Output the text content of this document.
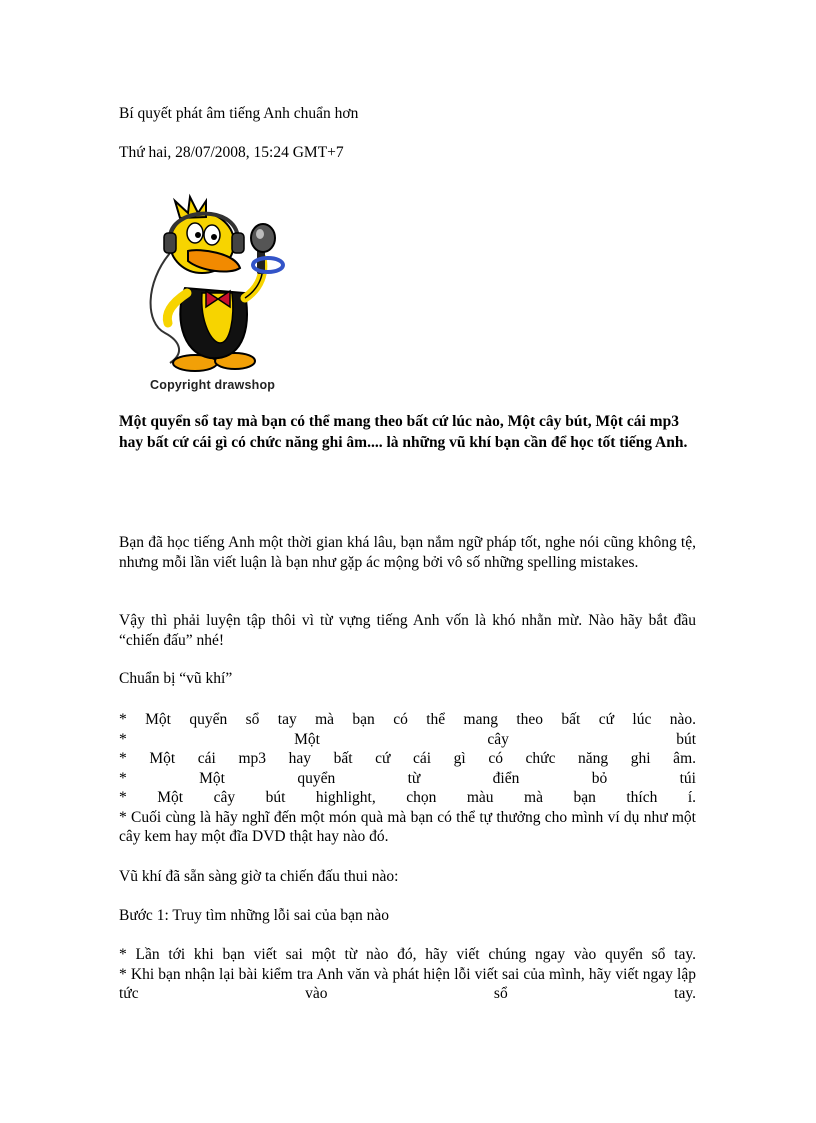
Bí quyết phát âm tiếng Anh chuẩn hơn

Thứ hai, 28/07/2008, 15:24 GMT+7

Copyright drawshop

Một quyển sổ tay mà bạn có thể mang theo bất cứ lúc nào, Một cây bút, Một cái mp3 hay bất cứ cái gì có chức năng ghi âm.... là những vũ khí bạn cần để học tốt tiếng Anh.

Bạn đã học tiếng Anh một thời gian khá lâu, bạn nắm ngữ pháp tốt, nghe nói cũng không tệ, nhưng mỗi lần viết luận là bạn như gặp ác mộng bởi vô số những spelling mistakes.

Vậy thì phải luyện tập thôi vì từ vựng tiếng Anh vốn là khó nhằn mừ. Nào hãy bắt đầu “chiến đấu” nhé!

Chuẩn bị “vũ khí”

* Một quyển sổ tay mà bạn có thể mang theo bất cứ lúc nào.
* Một cây bút
* Một cái mp3 hay bất cứ cái gì có chức năng ghi âm.
* Một quyển từ điển bỏ túi
* Một cây bút highlight, chọn màu mà bạn thích í.
* Cuối cùng là hãy nghĩ đến một món quà mà bạn có thể tự thưởng cho mình ví dụ như một cây kem hay một đĩa DVD thật hay nào đó.

Vũ khí đã sẵn sàng giờ ta chiến đấu thui nào:

Bước 1: Truy tìm những lỗi sai của bạn nào

* Lần tới khi bạn viết sai một từ nào đó, hãy viết chúng ngay vào quyển sổ tay.
* Khi bạn nhận lại bài kiểm tra Anh văn và phát hiện lỗi viết sai của mình, hãy viết ngay lập tức vào sổ tay.
